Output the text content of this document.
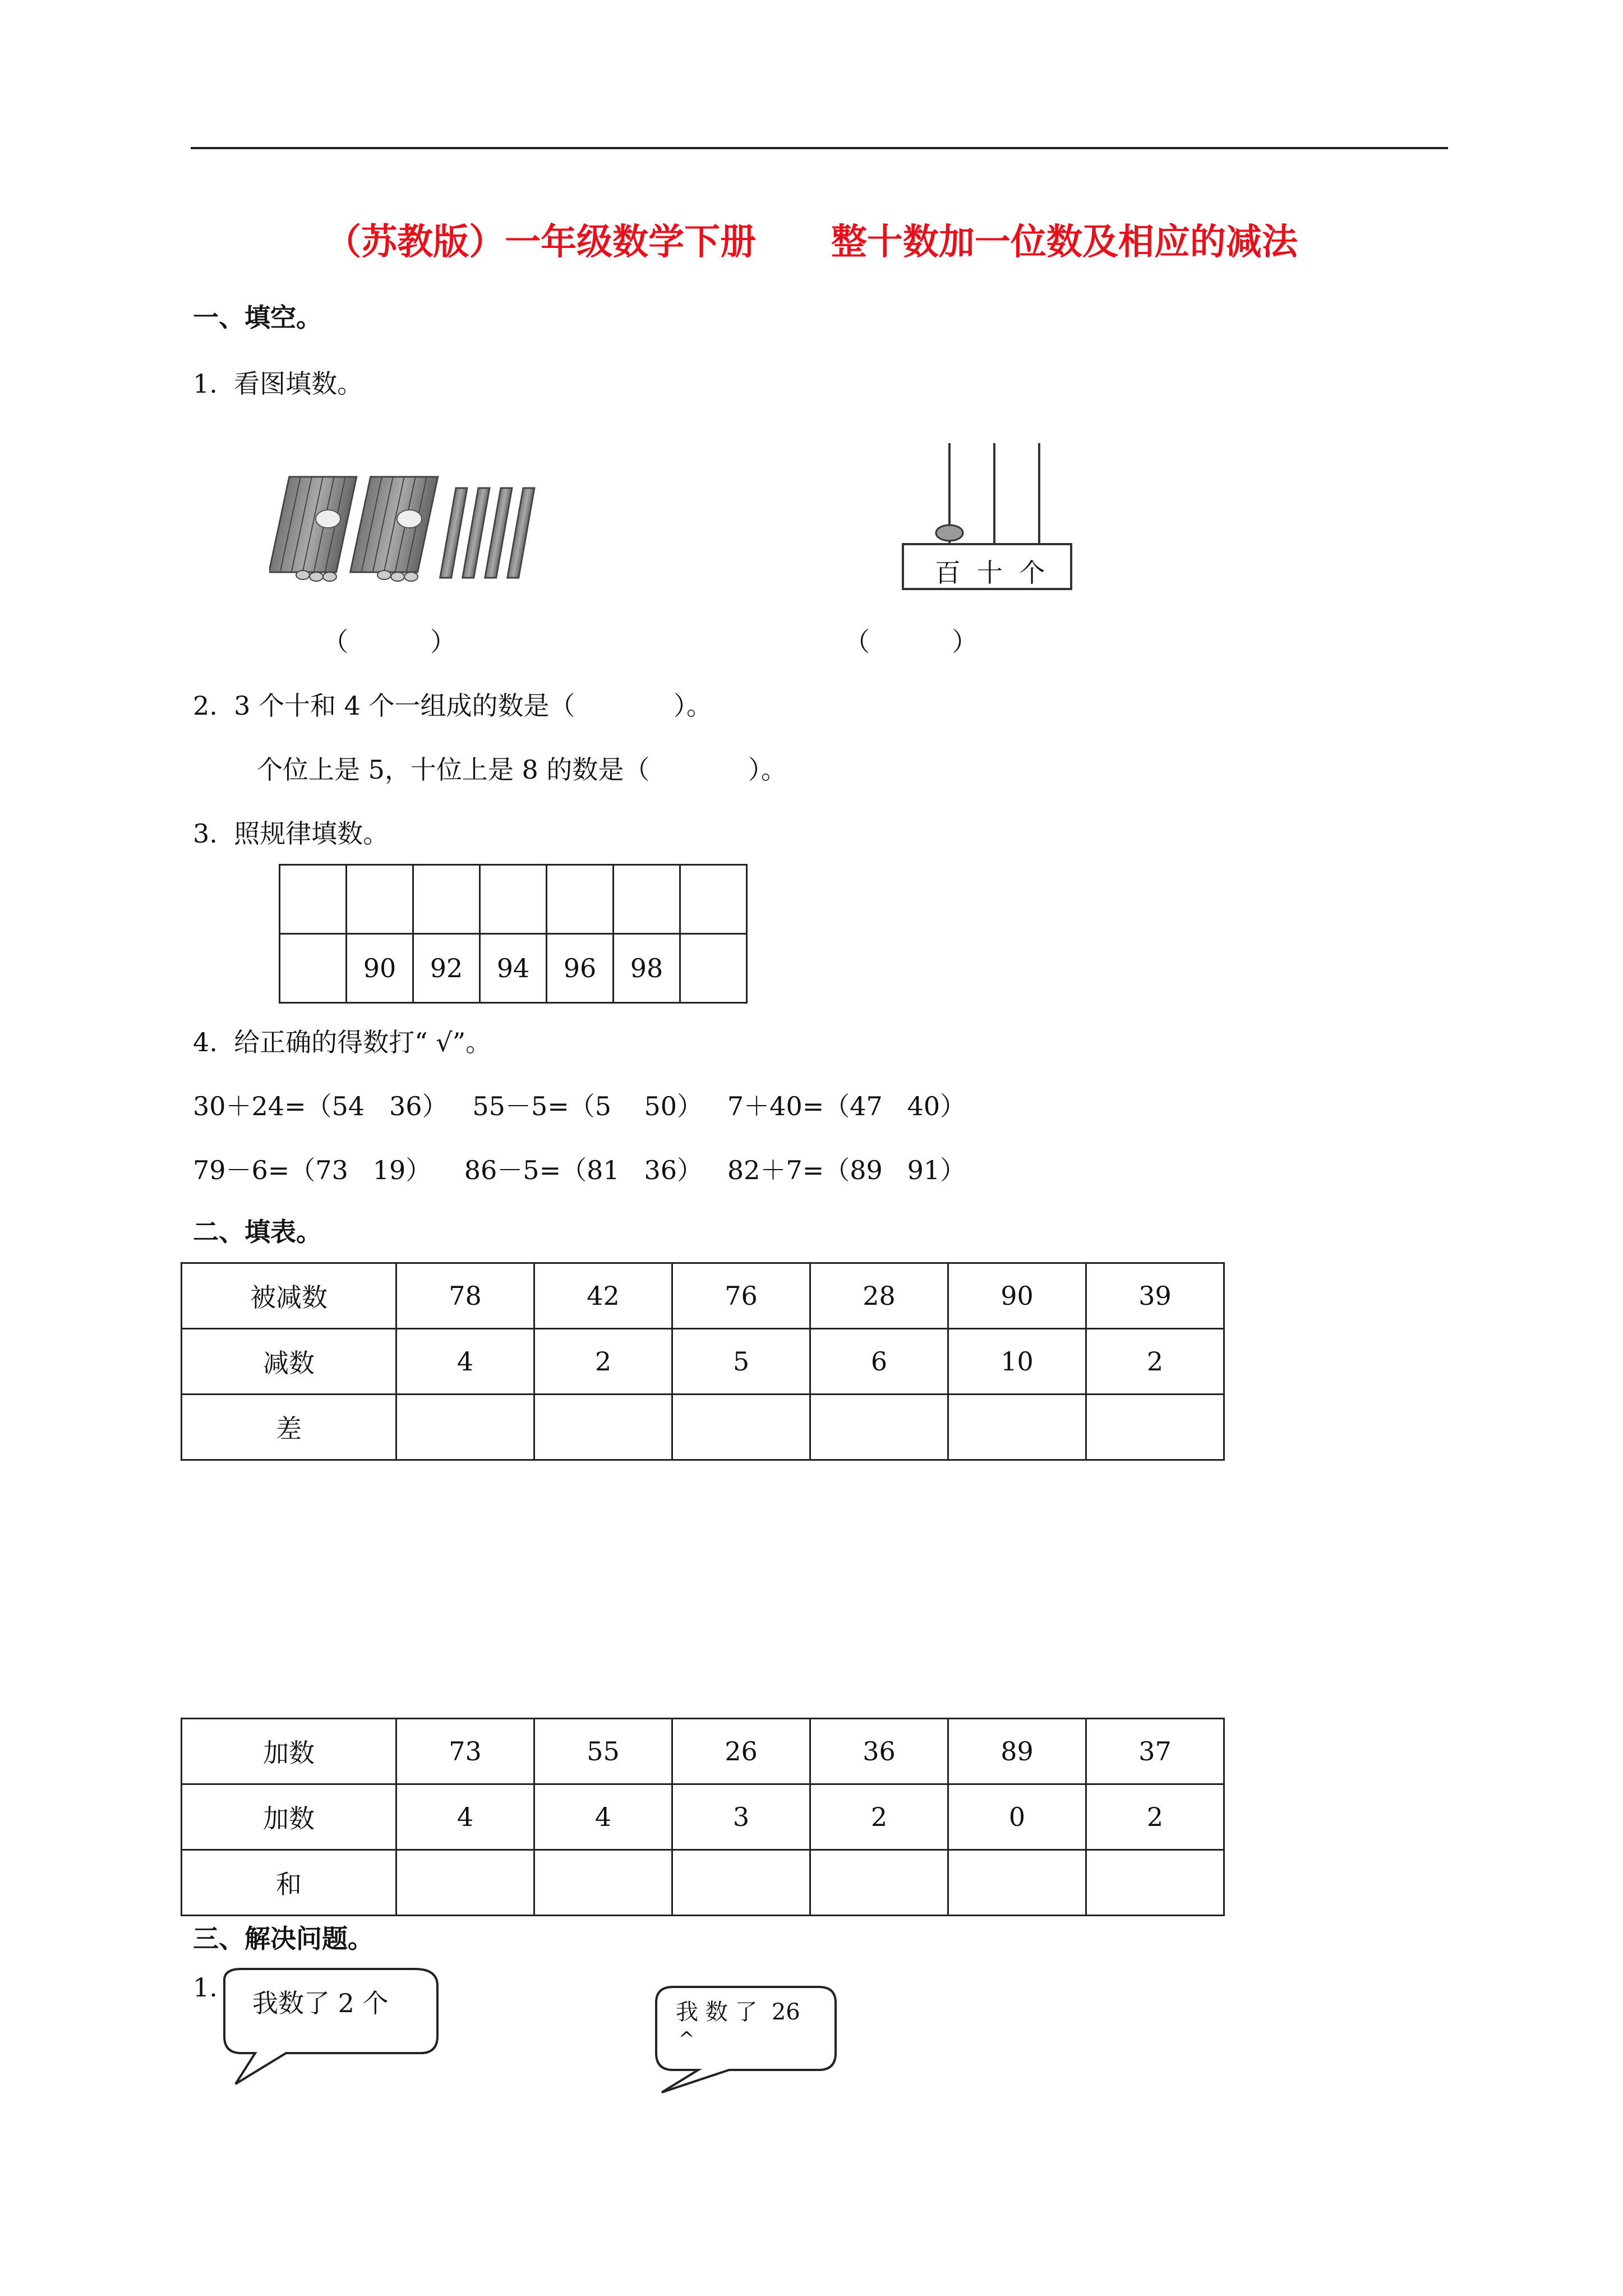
（苏教版）一年级数学下册      整十数加一位数及相应的减法
一、填空。
1.  看图填数。
百  十  个
（          ）	（          ）
2.  3 个十和 4 个一组成的数是（            ）。
个位上是 5，十位上是 8 的数是（            ）。
3.  照规律填数。

	90	92	94	96	98	
4.  给正确的得数打“ √”。
30＋24=（54   36）   55－5=（5    50）   7＋40=（47   40）
79－6=（73   19）    86－5=（81   36）   82＋7=（89   91）
二、填表。
被减数	78	42	76	28	90	39
减数	4	2	5	6	10	2
差						
加数	73	55	26	36	89	37
加数	4	4	3	2	0	2
和						
三、解决问题。
1.
我数了 2 个	我 数 了  26
^
